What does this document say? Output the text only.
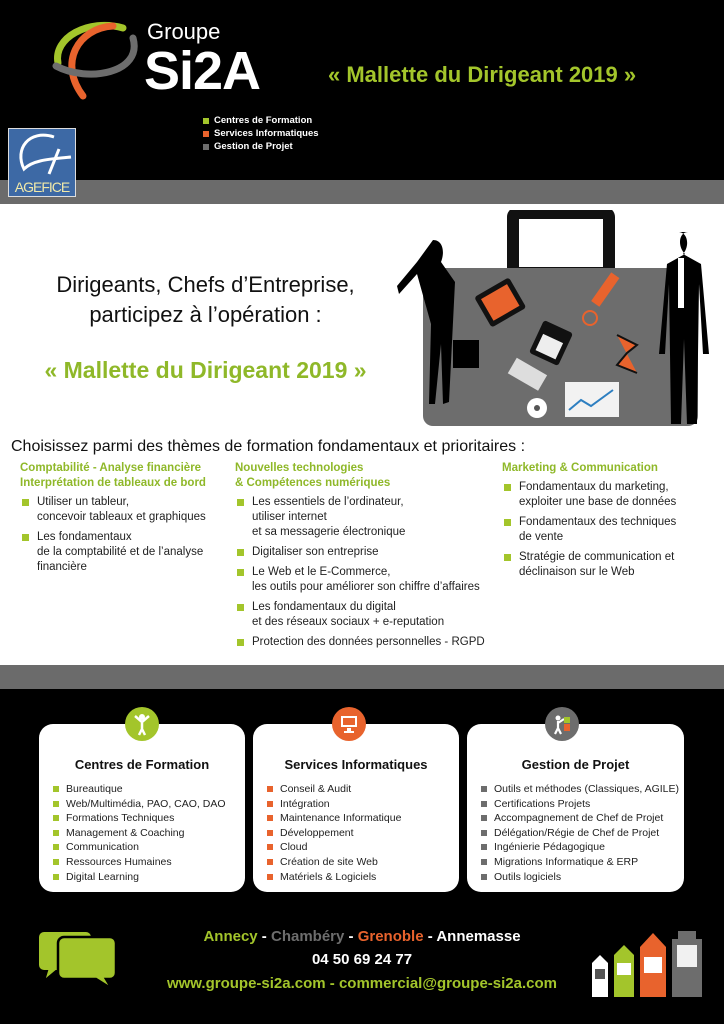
Groupe
Si2A
Centres de Formation
Services Informatiques
Gestion de Projet
« Mallette du Dirigeant 2019 »
AGEFICE
Dirigeants, Chefs d’Entreprise,
participez à l’opération :
« Mallette du Dirigeant 2019 »
Choisissez parmi des thèmes de formation fondamentaux et prioritaires :
Comptabilité - Analyse financière
Interprétation de tableaux de bord
Utiliser un tableur,
concevoir tableaux et graphiques
Les fondamentaux
de la comptabilité et de l’analyse
financière
Nouvelles technologies
& Compétences numériques
Les essentiels de l’ordinateur,
utiliser internet
et sa messagerie électronique
Digitaliser son entreprise
Le Web et le E-Commerce,
les outils pour améliorer son chiffre d’affaires
Les fondamentaux du digital
et des réseaux sociaux + e-reputation
Protection des données personnelles - RGPD
Marketing & Communication
Fondamentaux du marketing,
exploiter une base de données
Fondamentaux des techniques
de vente
Stratégie de communication et
déclinaison sur le Web
Centres de Formation
Bureautique
Web/Multimédia, PAO, CAO, DAO
Formations Techniques
Management & Coaching
Communication
Ressources Humaines
Digital Learning
Services Informatiques
Conseil & Audit
Intégration
Maintenance Informatique
Développement
Cloud
Création de site Web
Matériels & Logiciels
Gestion de Projet
Outils et méthodes (Classiques, AGILE)
Certifications Projets
Accompagnement de Chef de Projet
Délégation/Régie de Chef de Projet
Ingénierie Pédagogique
Migrations Informatique & ERP
Outils logiciels
Annecy - Chambéry - Grenoble - Annemasse
04 50 69 24 77
www.groupe-si2a.com - commercial@groupe-si2a.com
